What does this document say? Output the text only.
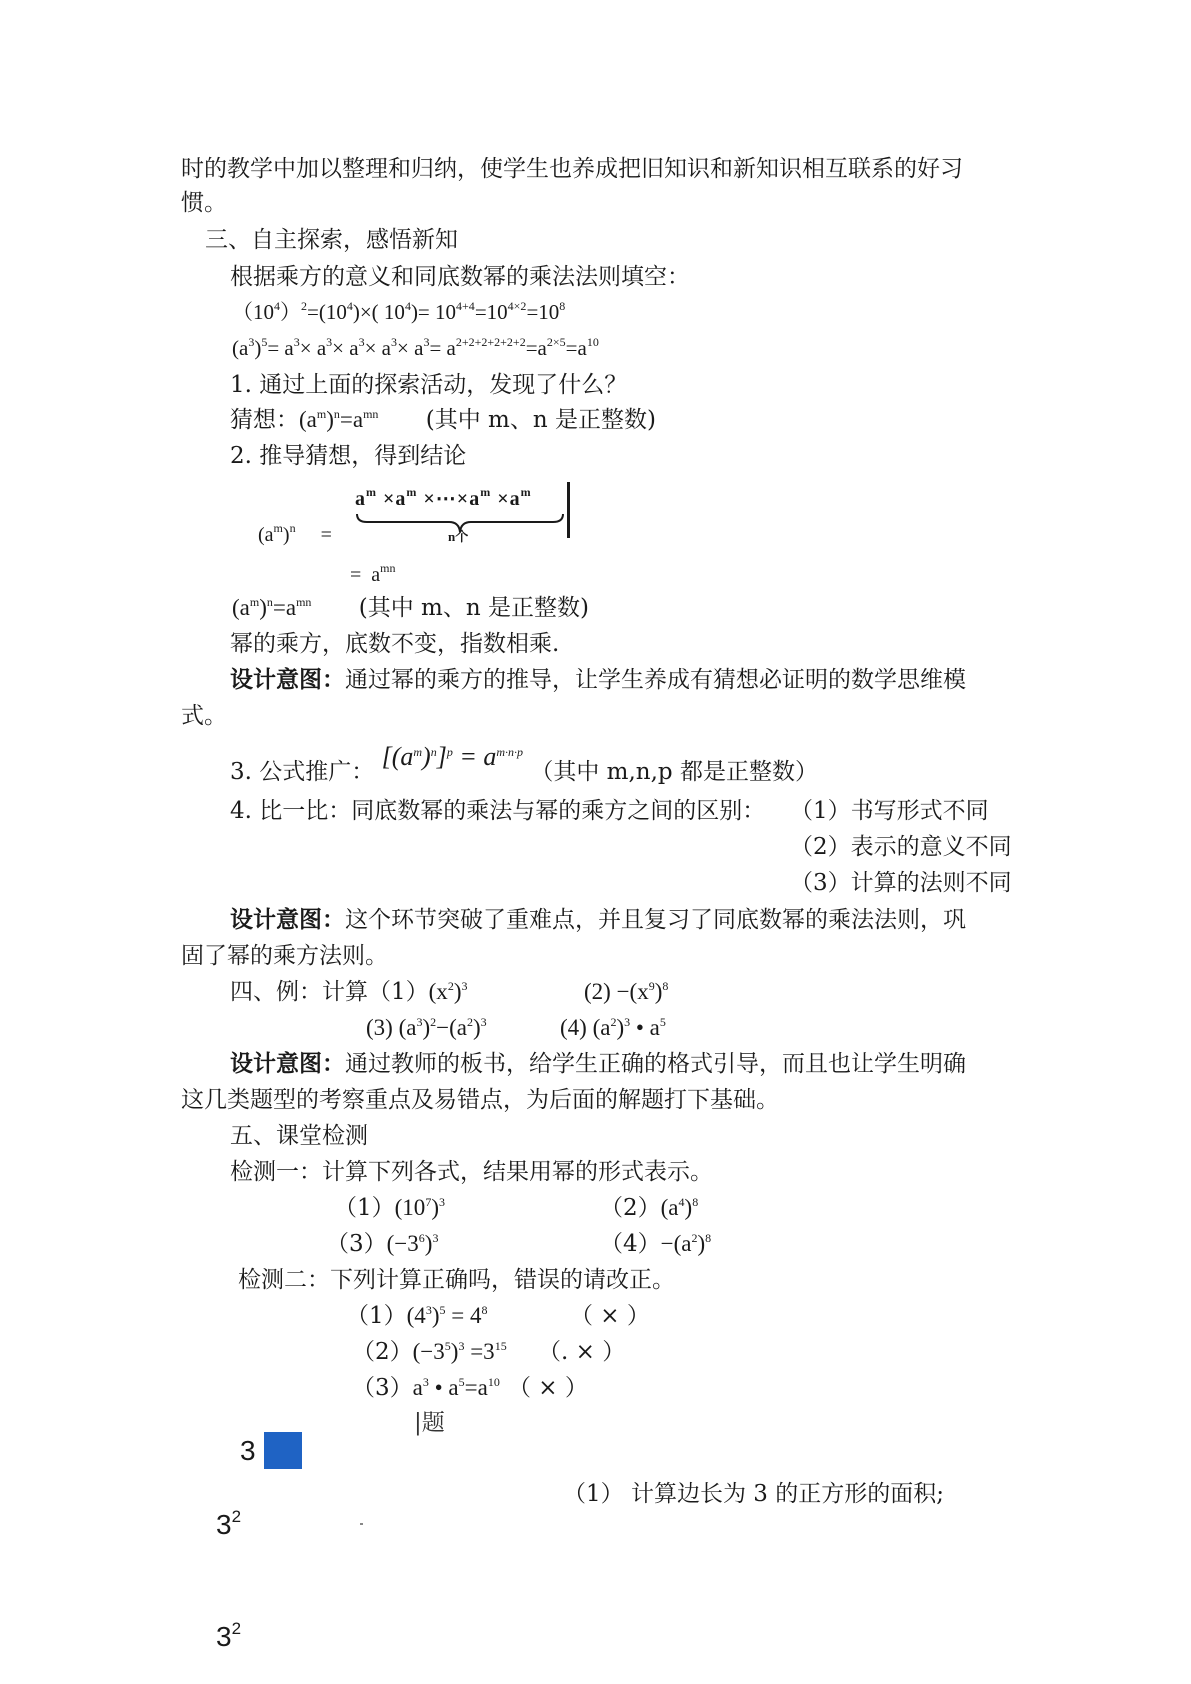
时的教学中加以整理和归纳，使学生也养成把旧知识和新知识相互联系的好习
惯。
三、自主探索，感悟新知
根据乘方的意义和同底数幂的乘法法则填空：
$(10^4)^2=(10^4)\times$( $10^4)= 10^{4+4}=10^{4\times 2}=10^8$
$(a^3)^5= a^3\times a^3\times a^3\times a^3\times a^3= a^{2+2+2+2+2+2}=a^{2\times 5}=a^{10}$
1. 通过上面的探索活动，发现了什么？
猜想：$(a^m)^n=a^{mn}$ (其中 m、n 是正整数)
2. 推导猜想，得到结论
$a^m \times a^m$ $\times\cdots\times a^m \times a^m$
n个
$(a^m)^n$     =
=  $a^{mn}$
$(a^m)^n=a^{mn}$ (其中 m、n 是正整数)
幂的乘方，底数不变，指数相乘.
设计意图：通过幂的乘方的推导，让学生养成有猜想必证明的数学思维模
式。
3. 公式推广： $[(a^m)^n]^p = a^{m\cdot n\cdot p}$ （其中 m,n,p 都是正整数）
4. 比一比：同底数幂的乘法与幂的乘方之间的区别： （1）书写形式不同
（2）表示的意义不同
（3）计算的法则不同
设计意图：这个环节突破了重难点，并且复习了同底数幂的乘法法则，巩
固了幂的乘方法则。
四、例：计算$(1)(x^2)^3$	$(2) -(x^9)^8$
(3) $(a^3)^2-(a^2)^3$	(4) $(a^2)^3$ • $a^5$
设计意图：通过教师的板书，给学生正确的格式引导，而且也让学生明确
这几类题型的考察重点及易错点，为后面的解题打下基础。
五、课堂检测
检测一：计算下列各式，结果用幂的形式表示。
$(1)(10^7)^3$	$(2)(a^4)^8$
$(3)(-3^6)^3$	$(4)-(a^2)^8$
检测二：下列计算正确吗，错误的请改正。
$(1)(4^3)^5 = 4^8$	（ × ）
$(2)(-3^5)^3 =3^{15}$ （. × ）
$(3)a^3$ • $a^5=a^{10}$ （ × ）
|题
3
（1） 计算边长为 3 的正方形的面积;
$3^2$
$3^2$
